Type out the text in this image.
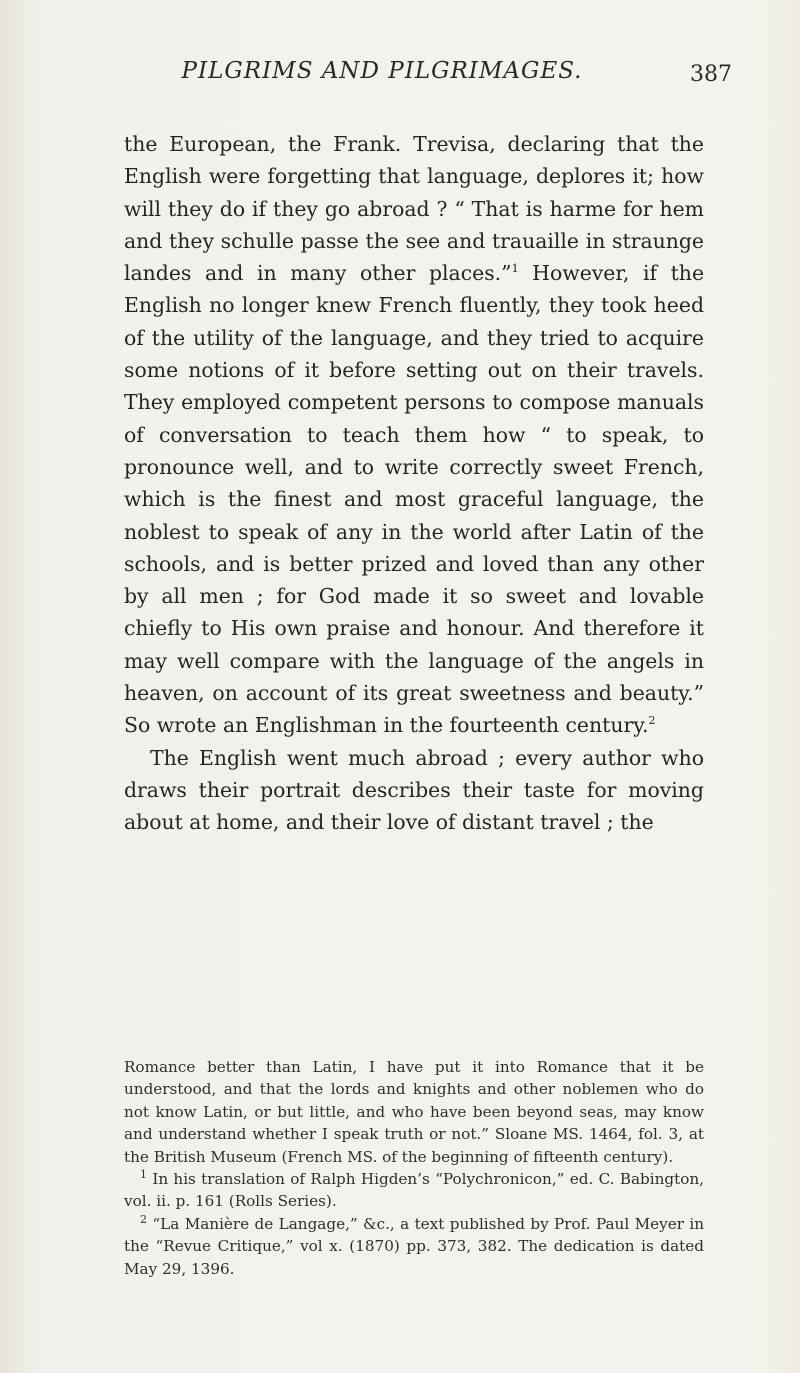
PILGRIMS AND PILGRIMAGES.	387

the European, the Frank. Trevisa, declaring that the English were forgetting that language, deplores it; how will they do if they go abroad ? “ That is harme for hem and they schulle passe the see and trauaille in straunge landes and in many other places.”$^1$ However, if the English no longer knew French fluently, they took heed of the utility of the language, and they tried to acquire some notions of it before setting out on their travels. They employed competent persons to compose manuals of conversation to teach them how “ to speak, to pronounce well, and to write correctly sweet French, which is the finest and most graceful language, the noblest to speak of any in the world after Latin of the schools, and is better prized and loved than any other by all men ; for God made it so sweet and lovable chiefly to His own praise and honour. And therefore it may well compare with the language of the angels in heaven, on account of its great sweetness and beauty.” So wrote an Englishman in the fourteenth century.$^2$

The English went much abroad ; every author who draws their portrait describes their taste for moving about at home, and their love of distant travel ; the

Romance better than Latin, I have put it into Romance that it be understood, and that the lords and knights and other noblemen who do not know Latin, or but little, and who have been beyond seas, may know and understand whether I speak truth or not.” Sloane MS. 1464, fol. 3, at the British Museum (French MS. of the beginning of fifteenth century).

$^1$ In his translation of Ralph Higden’s “Polychronicon,” ed. C. Babington, vol. ii. p. 161 (Rolls Series).

$^2$ “La Manière de Langage,” &c., a text published by Prof. Paul Meyer in the “Revue Critique,” vol x. (1870) pp. 373, 382. The dedication is dated May 29, 1396.
